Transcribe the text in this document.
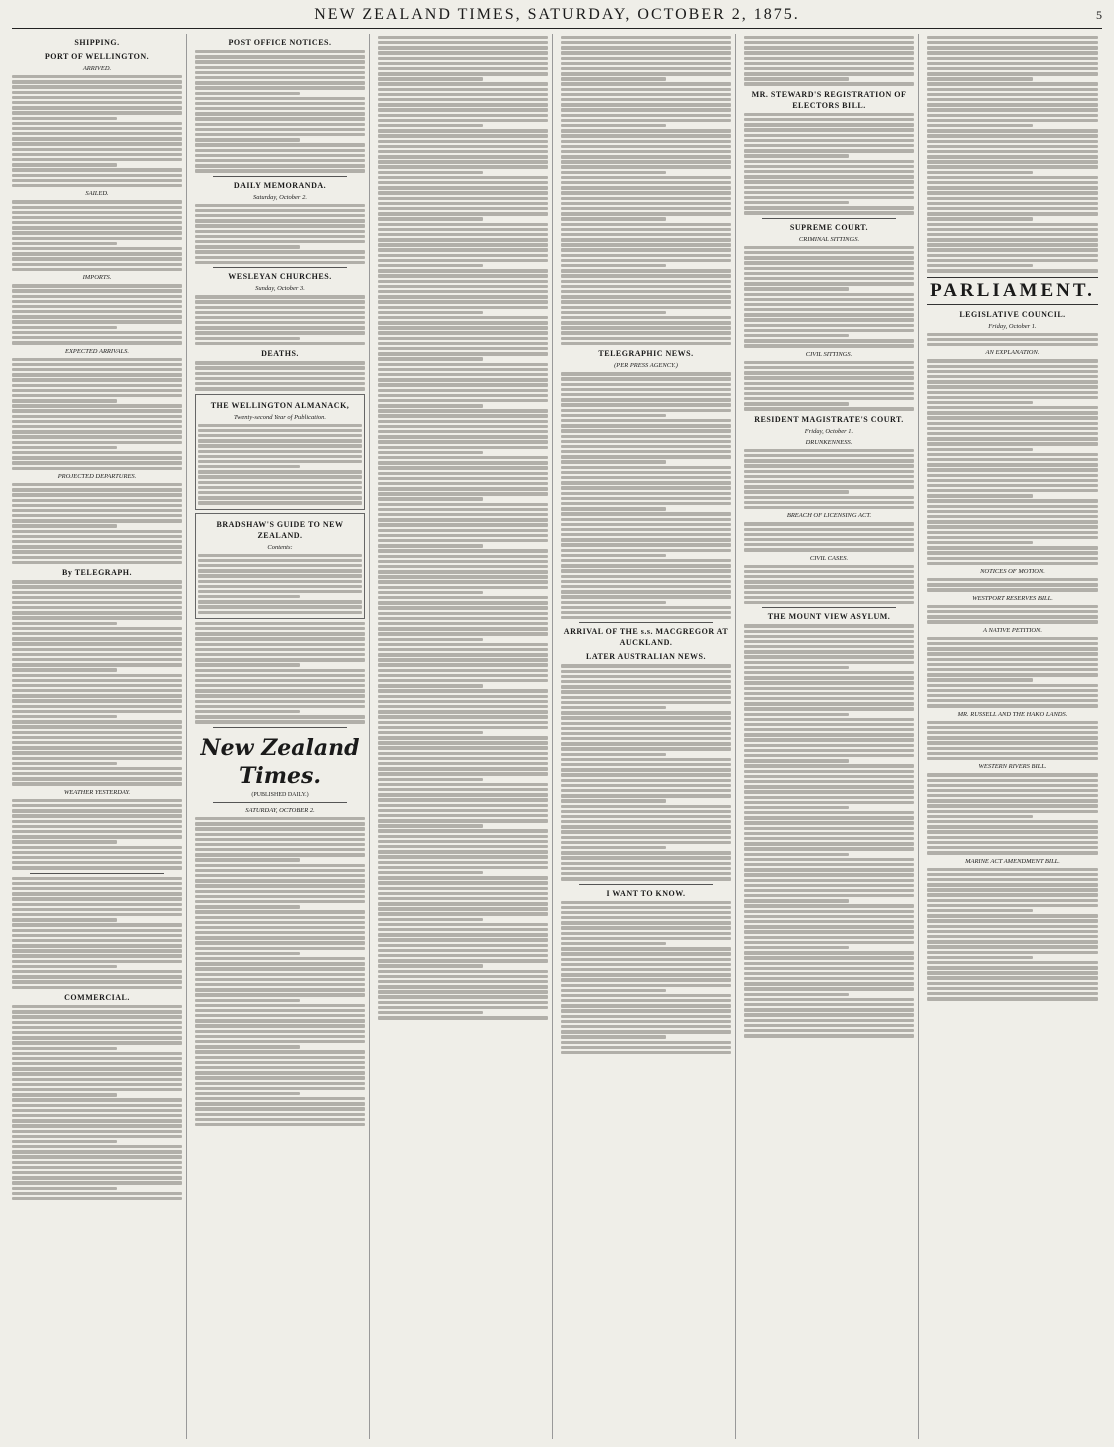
NEW ZEALAND TIMES, SATURDAY, OCTOBER 2, 1875.	5
SHIPPING.
PORT OF WELLINGTON.
ARRIVED.
SAILED.
IMPORTS.
EXPECTED ARRIVALS.
PROJECTED DEPARTURES.
By TELEGRAPH.
WEATHER YESTERDAY.
COMMERCIAL.
POST OFFICE NOTICES.
DAILY MEMORANDA.
Saturday, October 2.
WESLEYAN CHURCHES.
Sunday, October 3.
DEATHS.
THE WELLINGTON ALMANACK,
Twenty-second Year of Publication.
BRADSHAW'S GUIDE TO NEW ZEALAND.
Contents:
New Zealand Times.
(PUBLISHED DAILY.)
SATURDAY, OCTOBER 2.
TELEGRAPHIC NEWS.
(PER PRESS AGENCY.)
ARRIVAL OF THE s.s. MACGREGOR AT AUCKLAND.
LATER AUSTRALIAN NEWS.
I WANT TO KNOW.
MR. STEWARD'S REGISTRATION OF ELECTORS BILL.
SUPREME COURT.
CRIMINAL SITTINGS.
CIVIL SITTINGS.
RESIDENT MAGISTRATE'S COURT.
Friday, October 1.
DRUNKENNESS.
BREACH OF LICENSING ACT.
CIVIL CASES.
THE MOUNT VIEW ASYLUM.
PARLIAMENT.
LEGISLATIVE COUNCIL.
Friday, October 1.
AN EXPLANATION.
NOTICES OF MOTION.
WESTPORT RESERVES BILL.
A NATIVE PETITION.
MR. RUSSELL AND THE HAKO LANDS.
WESTERN RIVERS BILL.
MARINE ACT AMENDMENT BILL.
